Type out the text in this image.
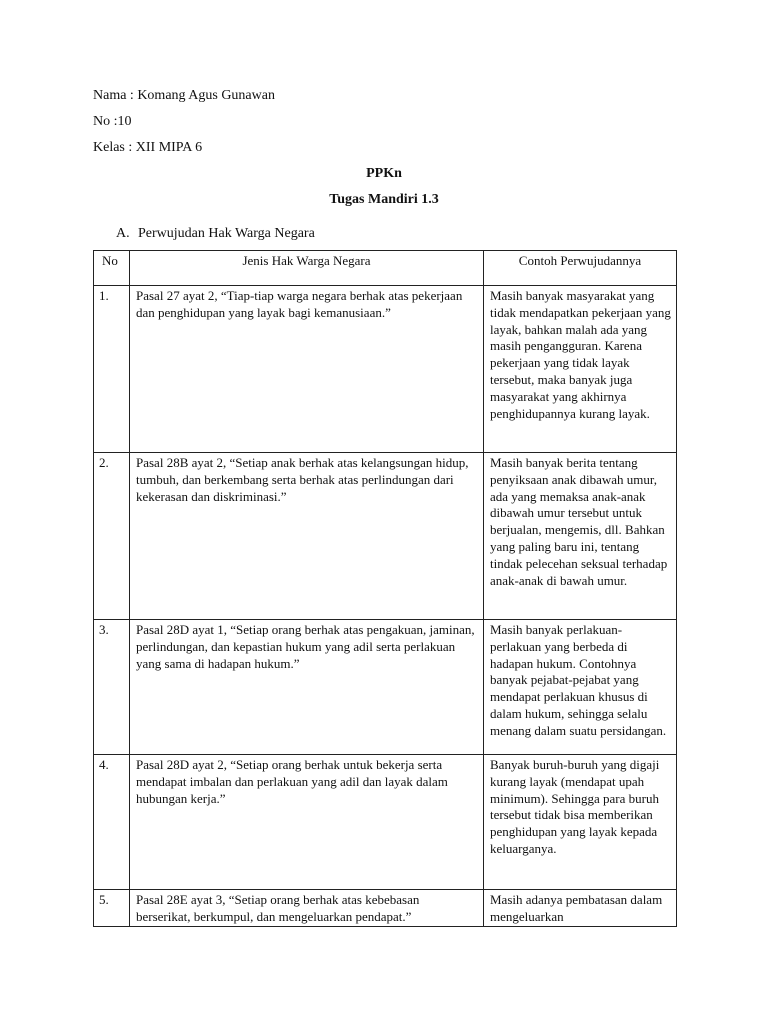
Nama : Komang Agus Gunawan
No :10
Kelas : XII MIPA 6
PPKn
Tugas Mandiri 1.3
A. Perwujudan Hak Warga Negara
No	Jenis Hak Warga Negara	Contoh Perwujudannya
1.	Pasal 27 ayat 2, “Tiap-tiap warga negara berhak atas pekerjaan dan penghidupan yang layak bagi kemanusiaan.”	Masih banyak masyarakat yang tidak mendapatkan pekerjaan yang layak, bahkan malah ada yang masih pengangguran. Karena pekerjaan yang tidak layak tersebut, maka banyak juga masyarakat yang akhirnya penghidupannya kurang layak.
2.	Pasal 28B ayat 2, “Setiap anak berhak atas kelangsungan hidup, tumbuh, dan berkembang serta berhak atas perlindungan dari kekerasan dan diskriminasi.”	Masih banyak berita tentang penyiksaan anak dibawah umur, ada yang memaksa anak-anak dibawah umur tersebut untuk berjualan, mengemis, dll. Bahkan yang paling baru ini, tentang tindak pelecehan seksual terhadap anak-anak di bawah umur.
3.	Pasal 28D ayat 1, “Setiap orang berhak atas pengakuan, jaminan, perlindungan, dan kepastian hukum yang adil serta perlakuan yang sama di hadapan hukum.”	Masih banyak perlakuan-perlakuan yang berbeda di hadapan hukum. Contohnya banyak pejabat-pejabat yang mendapat perlakuan khusus di dalam hukum, sehingga selalu menang dalam suatu persidangan.
4.	Pasal 28D ayat 2, “Setiap orang berhak untuk bekerja serta mendapat imbalan dan perlakuan yang adil dan layak dalam hubungan kerja.”	Banyak buruh-buruh yang digaji kurang layak (mendapat upah minimum). Sehingga para buruh tersebut tidak bisa memberikan penghidupan yang layak kepada keluarganya.
5.	Pasal 28E ayat 3, “Setiap orang berhak atas kebebasan berserikat, berkumpul, dan mengeluarkan pendapat.”	Masih adanya pembatasan dalam mengeluarkan
